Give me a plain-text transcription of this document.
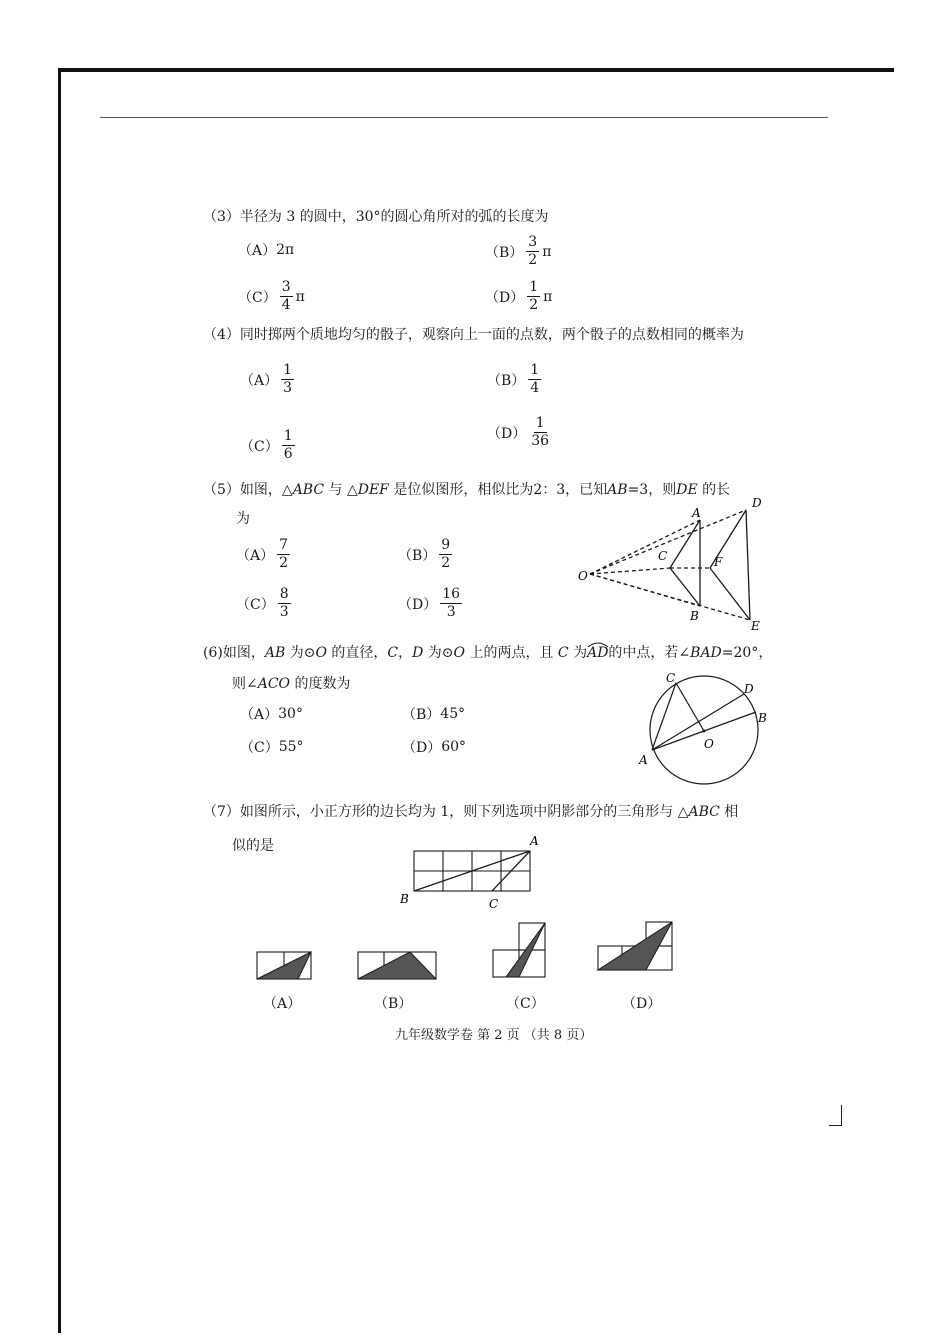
（3）半径为 3 的圆中，30°的圆心角所对的弧的长度为
（A） 2π	$(B) \frac{3}{2}$ π
$(C) \frac{3}{4}$ π	$(D) \frac{1}{2}$ π
（4）同时掷两个质地均匀的骰子，观察向上一面的点数，两个骰子的点数相同的概率为
$(A) \frac{1}{3}$	$(B) \frac{1}{4}$
$(C) \frac{1}{6}$	$(D) \frac{1}{36}$
（5）如图，△ABC 与 △DEF 是位似图形，相似比为2：3，已知AB=3，则DE 的长
为
$(A) \frac{7}{2}$	$(B) \frac{9}{2}$
$(C) \frac{8}{3}$	$(D) \frac{16}{3}$
O
A
B
C
D
E
F
(6)如图，AB 为⊙O 的直径，C，D 为⊙O 上的两点，且 C 为AD
的中点，若∠BAD=20°，
则∠ACO 的度数为
（A） 30°	（B） 45°
（C） 55°	（D） 60°
A
B
C
D
O
（7）如图所示，小正方形的边长均为 1，则下列选项中阴影部分的三角形与 △ABC 相
似的是	A
B	C
（A）	（B）	（C）	（D）
九年级数学卷 第 2 页 （共 8 页）
